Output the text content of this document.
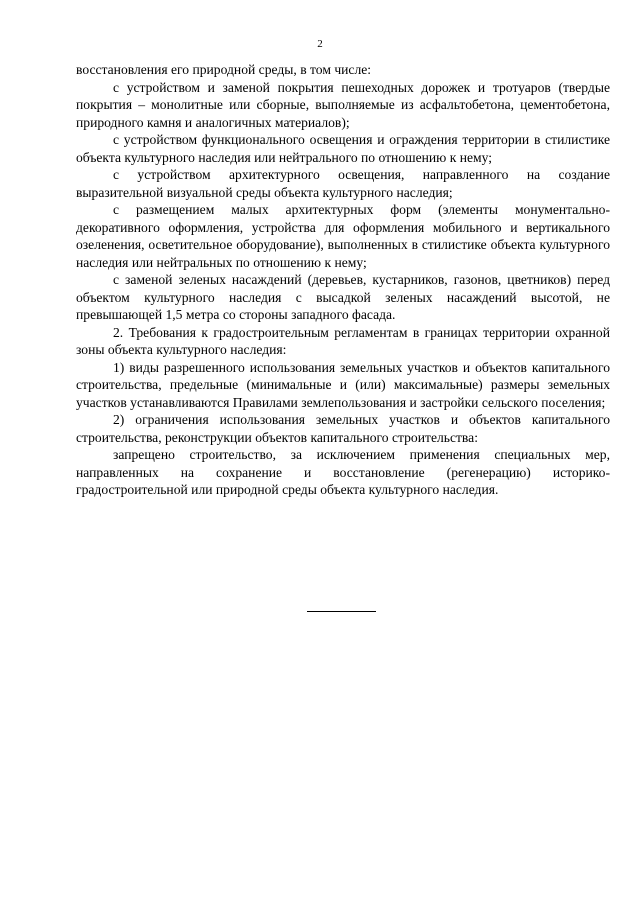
2

восстановления его природной среды, в том числе:

с устройством и заменой покрытия пешеходных дорожек и тротуаров (твердые покрытия – монолитные или сборные, выполняемые из асфальтобетона, цементобетона, природного камня и аналогичных материалов);

с устройством функционального освещения и ограждения территории в стилистике объекта культурного наследия или нейтрального по отношению к нему;

с устройством архитектурного освещения, направленного на создание выразительной визуальной среды объекта культурного наследия;

с размещением малых архитектурных форм (элементы монументально-декоративного оформления, устройства для оформления мобильного и вертикального озеленения, осветительное оборудование), выполненных в стилистике объекта культурного наследия или нейтральных по отношению к нему;

с заменой зеленых насаждений (деревьев, кустарников, газонов, цветников) перед объектом культурного наследия с высадкой зеленых насаждений высотой, не превышающей 1,5 метра со стороны западного фасада.

2. Требования к градостроительным регламентам в границах территории охранной зоны объекта культурного наследия:

1) виды разрешенного использования земельных участков и объектов капитального строительства, предельные (минимальные и (или) максимальные) размеры земельных участков устанавливаются Правилами землепользования и застройки сельского поселения;

2) ограничения использования земельных участков и объектов капитального строительства, реконструкции объектов капитального строительства:

запрещено строительство, за исключением применения специальных мер, направленных на сохранение и восстановление (регенерацию) историко-градостроительной или природной среды объекта культурного наследия.
